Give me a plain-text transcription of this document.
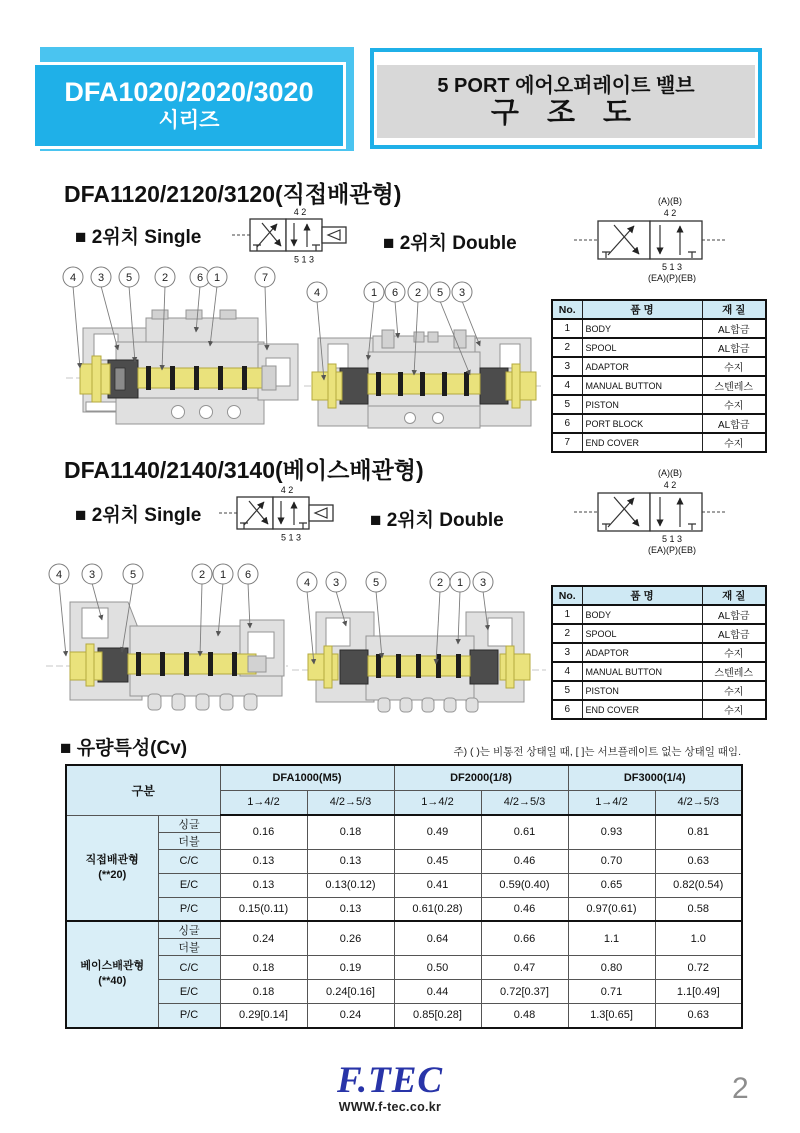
DFA1020/2020/3020
시리즈
5 PORT 에어오퍼레이트 밸브
구 조 도
DFA1120/2120/3120(직접배관형)
■ 2위치 Single	■ 2위치 Double
4 2
5 1 3
(A)(B)
4 2
5 1 3
(EA)(P)(EB)
4 3 5	2	6 1	7
4	1 6 2 5 3
No.	품 명	재 질
1	BODY	AL합금
2	SPOOL	AL합금
3	ADAPTOR	수지
4	MANUAL BUTTON	스텐레스
5	PISTON	수지
6	PORT BLOCK	AL합금
7	END COVER	수지
DFA1140/2140/3140(베이스배관형)
■ 2위치 Single	■ 2위치 Double
4 2
5 1 3
(A)(B)
4 2
5 1 3
(EA)(P)(EB)
4 3	5	2 1 6
4 3	5	2 1 3
No.	품 명	재 질
1	BODY	AL합금
2	SPOOL	AL합금
3	ADAPTOR	수지
4	MANUAL BUTTON	스텐레스
5	PISTON	수지
6	END COVER	수지
■ 유량특성(Cv)	주) ( )는 비통전 상태일 때, [ ]는 서브플레이트 없는 상태일 때임.
구분		DFA1000(M5)		DF2000(1/8)		DF3000(1/4)	
		1→4/2	4/2→5/3	1→4/2	4/2→5/3	1→4/2	4/2→5/3

직접배관형
(**20)	싱글	0.16	0.18	0.49	0.61	0.93	0.81
	더블						
	C/C	0.13	0.13	0.45	0.46	0.70	0.63
	E/C	0.13	0.13(0.12)	0.41	0.59(0.40)	0.65	0.82(0.54)
	P/C	0.15(0.11)	0.13	0.61(0.28)	0.46	0.97(0.61)	0.58

베이스배관형
(**40)	싱글	0.24	0.26	0.64	0.66	1.1	1.0
	더블						
	C/C	0.18	0.19	0.50	0.47	0.80	0.72
	E/C	0.18	0.24[0.16]	0.44	0.72[0.37]	0.71	1.1[0.49]
	P/C	0.29[0.14]	0.24	0.85[0.28]	0.48	1.3[0.65]	0.63
F.TEC
WWW.f-tec.co.kr
2
